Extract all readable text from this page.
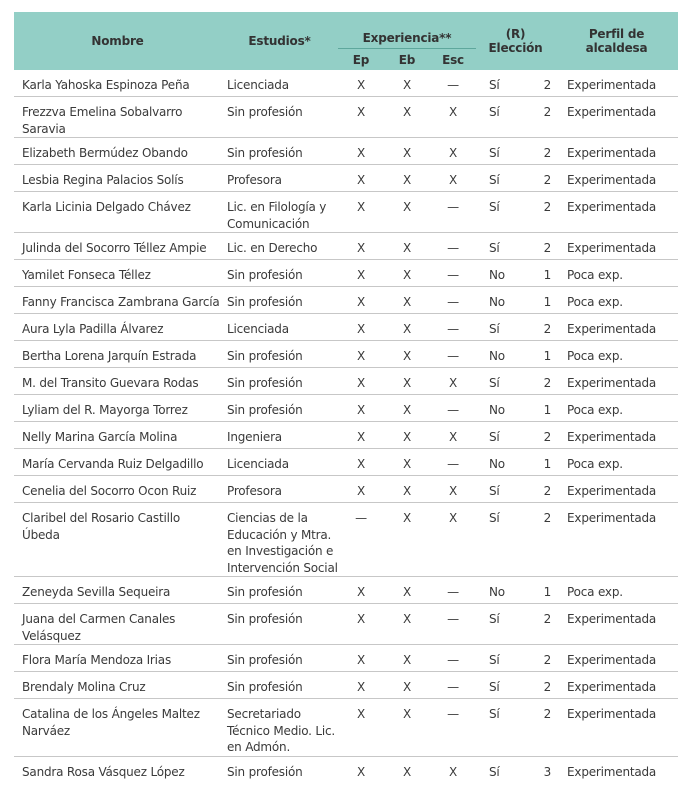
Nombre	Estudios*	Experiencia**			(R) Elección		Perfil de alcaldesa
		Ep	Eb	Esc			
Karla Yahoska Espinoza Peña	Licenciada	X	X	—	Sí	2	Experimentada
Frezzva Emelina Sobalvarro Saravia	Sin profesión	X	X	X	Sí	2	Experimentada
Elizabeth Bermúdez Obando	Sin profesión	X	X	X	Sí	2	Experimentada
Lesbia Regina Palacios Solís	Profesora	X	X	X	Sí	2	Experimentada
Karla Licinia Delgado Chávez	Lic. en Filología y Comunicación	X	X	—	Sí	2	Experimentada
Julinda del Socorro Téllez Ampie	Lic. en Derecho	X	X	—	Sí	2	Experimentada
Yamilet Fonseca Téllez	Sin profesión	X	X	—	No	1	Poca exp.
Fanny Francisca Zambrana García	Sin profesión	X	X	—	No	1	Poca exp.
Aura Lyla Padilla Álvarez	Licenciada	X	X	—	Sí	2	Experimentada
Bertha Lorena Jarquín Estrada	Sin profesión	X	X	—	No	1	Poca exp.
M. del Transito Guevara Rodas	Sin profesión	X	X	X	Sí	2	Experimentada
Lyliam del R. Mayorga Torrez	Sin profesión	X	X	—	No	1	Poca exp.
Nelly Marina García Molina	Ingeniera	X	X	X	Sí	2	Experimentada
María Cervanda Ruiz Delgadillo	Licenciada	X	X	—	No	1	Poca exp.
Cenelia del Socorro Ocon Ruiz	Profesora	X	X	X	Sí	2	Experimentada
Claribel del Rosario Castillo Úbeda	Ciencias de la Educación y Mtra. en Investigación e Intervención Social	—	X	X	Sí	2	Experimentada
Zeneyda Sevilla Sequeira	Sin profesión	X	X	—	No	1	Poca exp.
Juana del Carmen Canales Velásquez	Sin profesión	X	X	—	Sí	2	Experimentada
Flora María Mendoza Irias	Sin profesión	X	X	—	Sí	2	Experimentada
Brendaly Molina Cruz	Sin profesión	X	X	—	Sí	2	Experimentada
Catalina de los Ángeles Maltez Narváez	Secretariado Técnico Medio. Lic. en Admón.	X	X	—	Sí	2	Experimentada
Sandra Rosa Vásquez López	Sin profesión	X	X	X	Sí	3	Experimentada
